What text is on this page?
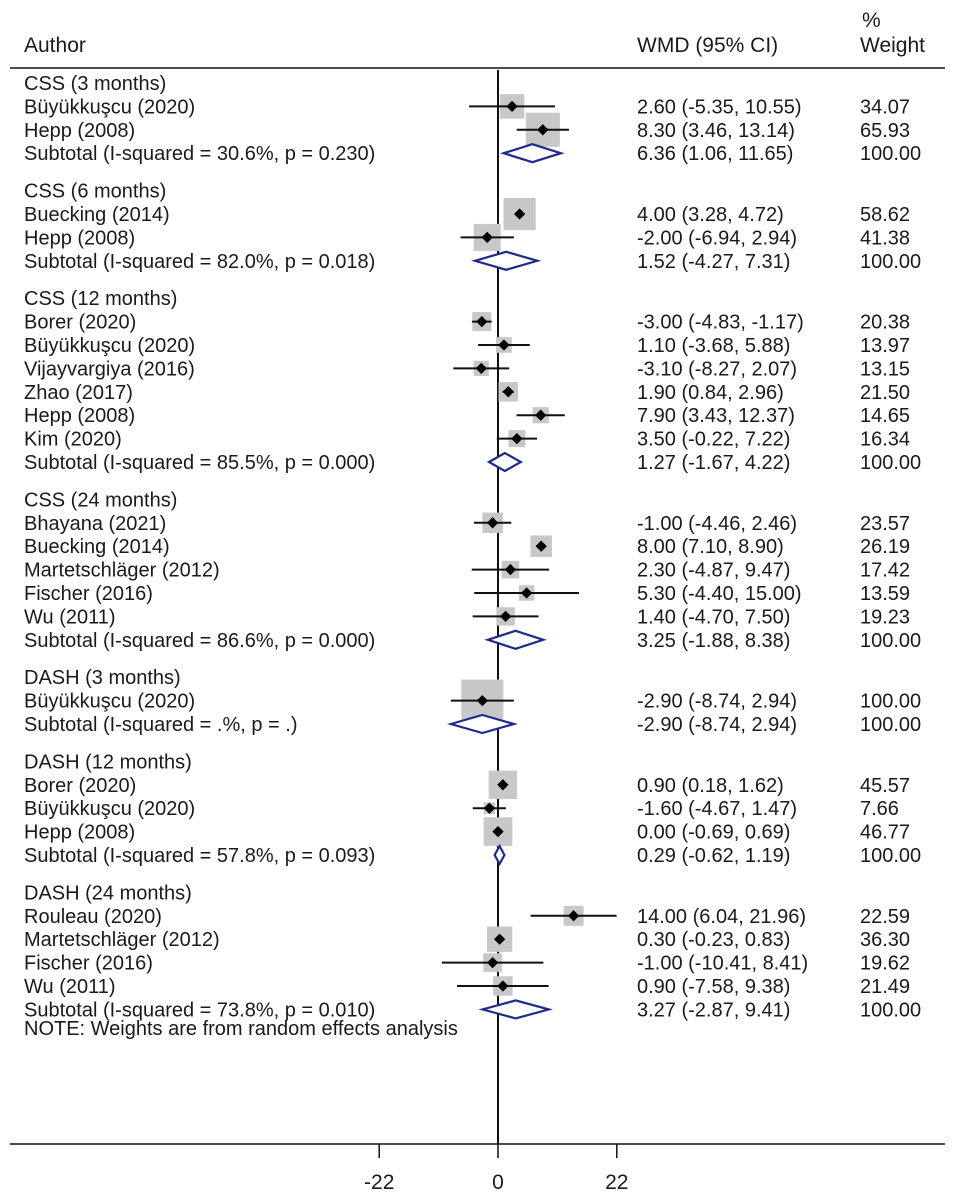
Author	WMD (95% CI)
%
Weight
CSS (3 months)
Büyükkuşcu (2020)	2.60 (-5.35, 10.55)	34.07
Hepp (2008)	8.30 (3.46, 13.14)	65.93
Subtotal (I-squared = 30.6%, p = 0.230)	6.36 (1.06, 11.65)	100.00
CSS (6 months)
Buecking (2014)	4.00 (3.28, 4.72)	58.62
Hepp (2008)	-2.00 (-6.94, 2.94)	41.38
Subtotal (I-squared = 82.0%, p = 0.018)	1.52 (-4.27, 7.31)	100.00
CSS (12 months)
Borer (2020)	-3.00 (-4.83, -1.17)	20.38
Büyükkuşcu (2020)	1.10 (-3.68, 5.88)	13.97
Vijayvargiya (2016)	-3.10 (-8.27, 2.07)	13.15
Zhao (2017)	1.90 (0.84, 2.96)	21.50
Hepp (2008)	7.90 (3.43, 12.37)	14.65
Kim (2020)	3.50 (-0.22, 7.22)	16.34
Subtotal (I-squared = 85.5%, p = 0.000)	1.27 (-1.67, 4.22)	100.00
CSS (24 months)
Bhayana (2021)	-1.00 (-4.46, 2.46)	23.57
Buecking (2014)	8.00 (7.10, 8.90)	26.19
Martetschläger (2012)	2.30 (-4.87, 9.47)	17.42
Fischer (2016)	5.30 (-4.40, 15.00)	13.59
Wu (2011)	1.40 (-4.70, 7.50)	19.23
Subtotal (I-squared = 86.6%, p = 0.000)	3.25 (-1.88, 8.38)	100.00
DASH (3 months)
Büyükkuşcu (2020)	-2.90 (-8.74, 2.94)	100.00
Subtotal (I-squared = .%, p = .)	-2.90 (-8.74, 2.94)	100.00
DASH (12 months)
Borer (2020)	0.90 (0.18, 1.62)	45.57
Büyükkuşcu (2020)	-1.60 (-4.67, 1.47)	7.66
Hepp (2008)	0.00 (-0.69, 0.69)	46.77
Subtotal (I-squared = 57.8%, p = 0.093)	0.29 (-0.62, 1.19)	100.00
DASH (24 months)
Rouleau (2020)	14.00 (6.04, 21.96)	22.59
Martetschläger (2012)	0.30 (-0.23, 0.83)	36.30
Fischer (2016)	-1.00 (-10.41, 8.41)	19.62
Wu (2011)	0.90 (-7.58, 9.38)	21.49
Subtotal (I-squared = 73.8%, p = 0.010)	3.27 (-2.87, 9.41)	100.00
NOTE: Weights are from random effects analysis
-22	0	22
